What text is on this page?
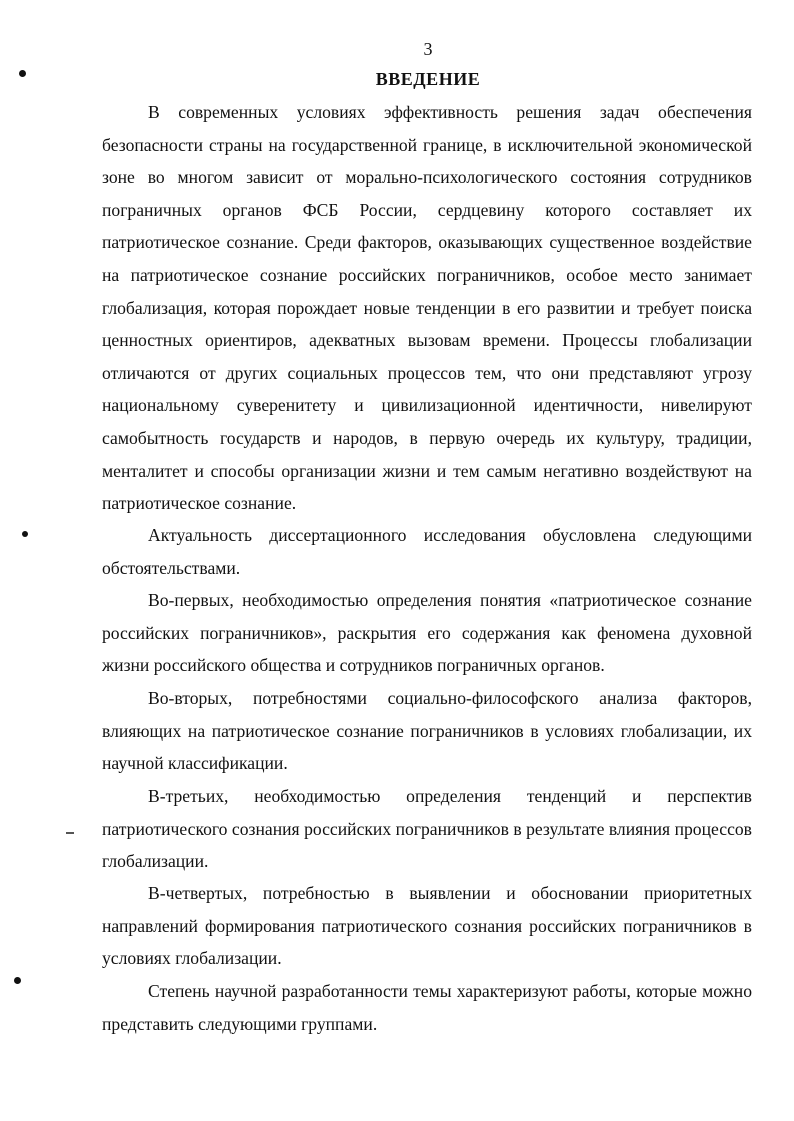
3
ВВЕДЕНИЕ

В современных условиях эффективность решения задач обеспечения безопасности страны на государственной границе, в исключительной экономической зоне во многом зависит от морально-психологического состояния сотрудников пограничных органов ФСБ России, сердцевину которого составляет их патриотическое сознание. Среди факторов, оказывающих существенное воздействие на патриотическое сознание российских пограничников, особое место занимает глобализация, которая порождает новые тенденции в его развитии и требует поиска ценностных ориентиров, адекватных вызовам времени. Процессы глобализации отличаются от других социальных процессов тем, что они представляют угрозу национальному суверенитету и цивилизационной идентичности, нивелируют самобытность государств и народов, в первую очередь их культуру, традиции, менталитет и способы организации жизни и тем самым негативно воздействуют на патриотическое сознание.

Актуальность диссертационного исследования обусловлена следующими обстоятельствами.

Во-первых, необходимостью определения понятия «патриотическое сознание российских пограничников», раскрытия его содержания как феномена духовной жизни российского общества и сотрудников пограничных органов.

Во-вторых, потребностями социально-философского анализа факторов, влияющих на патриотическое сознание пограничников в условиях глобализации, их научной классификации.

В-третьих, необходимостью определения тенденций и перспектив патриотического сознания российских пограничников в результате влияния процессов глобализации.

В-четвертых, потребностью в выявлении и обосновании приоритетных направлений формирования патриотического сознания российских пограничников в условиях глобализации.

Степень научной разработанности темы характеризуют работы, которые можно представить следующими группами.
